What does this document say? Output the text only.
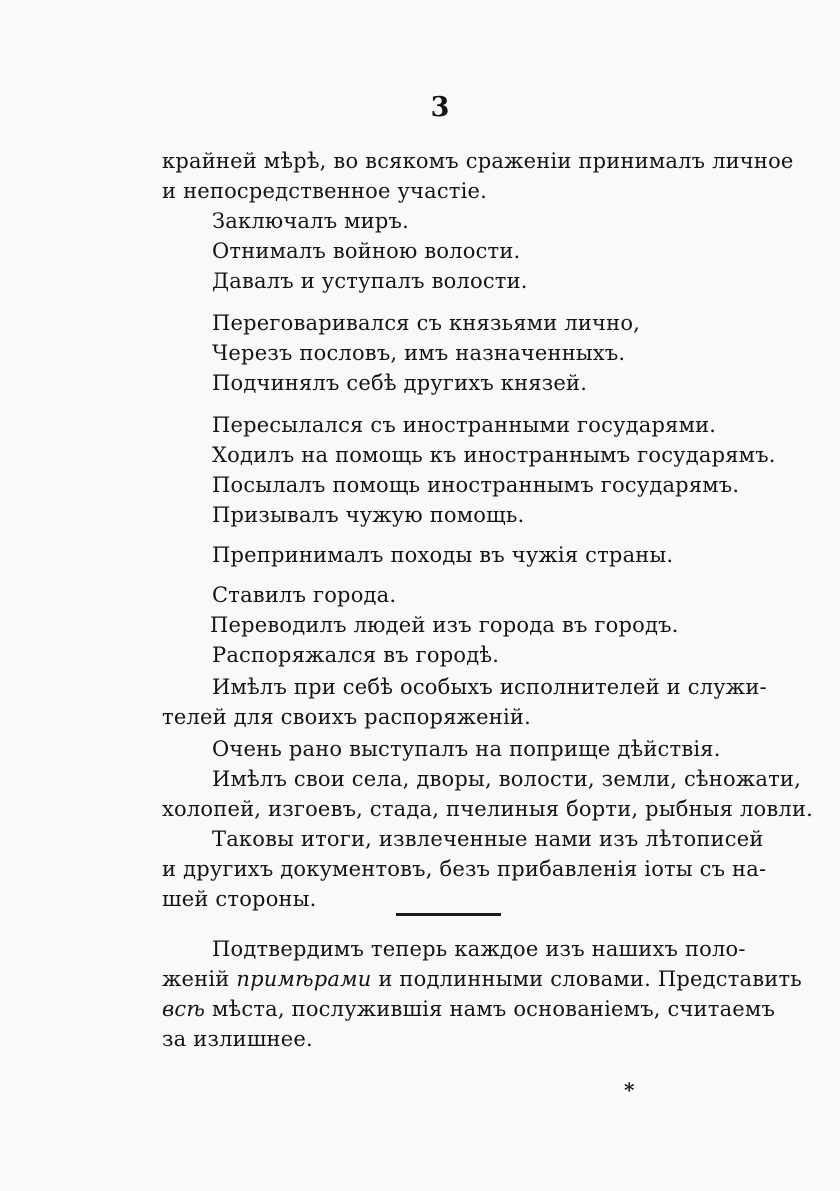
3
крайней мѣрѣ, во всякомъ сраженіи принималъ личное
и непосредственное участіе.
Заключалъ миръ.
Отнималъ войною волости.
Давалъ и уступалъ волости.
Переговаривался съ князьями лично,
Черезъ пословъ, имъ назначенныхъ.
Подчинялъ себѣ другихъ князей.
Пересылался съ иностранными государями.
Ходилъ на помощь къ иностраннымъ государямъ.
Посылалъ помощь иностраннымъ государямъ.
Призывалъ чужую помощь.
Препринималъ походы въ чужія страны.
Ставилъ города.
Переводилъ людей изъ города въ городъ.
Распоряжался въ городѣ.
Имѣлъ при себѣ особыхъ исполнителей и служи-
телей для своихъ распоряженій.
Очень рано выступалъ на поприще дѣйствія.
Имѣлъ свои села, дворы, волости, земли, сѣножати,
холопей, изгоевъ, стада, пчелиныя борти, рыбныя ловли.
Таковы итоги, извлеченные нами изъ лѣтописей
и другихъ документовъ, безъ прибавленія іоты съ на-
шей стороны.
Подтвердимъ теперь каждое изъ нашихъ поло-
женій примѣрами и подлинными словами. Представить
всѣ мѣста, послужившія намъ основаніемъ, считаемъ
за излишнее.
*
